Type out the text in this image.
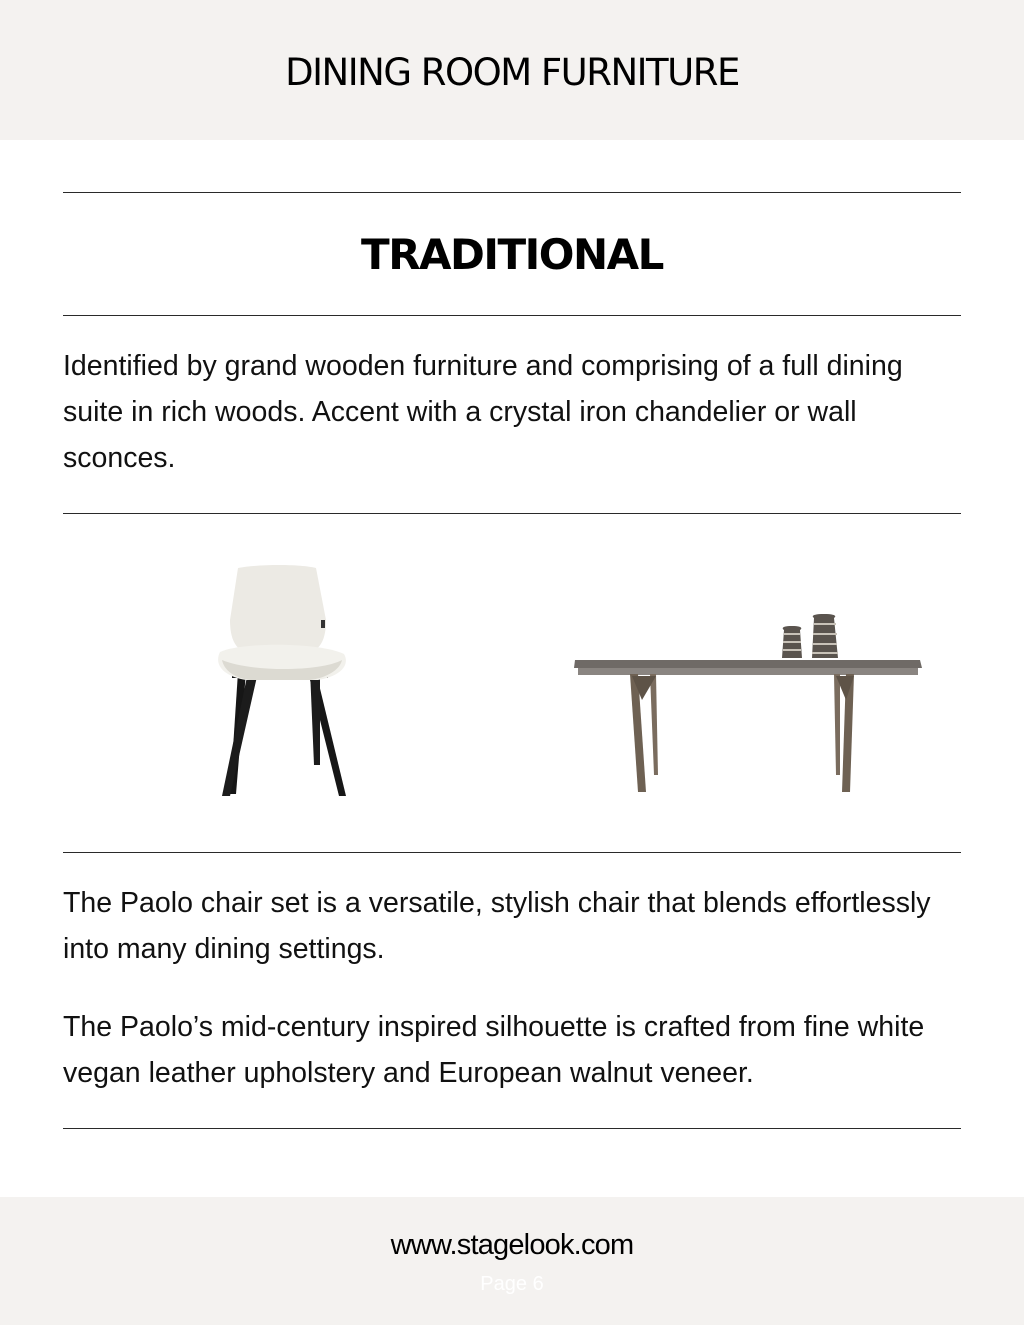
DINING ROOM FURNITURE
TRADITIONAL

Identified by grand wooden furniture and comprising of a full dining suite in rich woods. Accent with a crystal iron chandelier or wall sconces.

The Paolo chair set is a versatile, stylish chair that blends effortlessly into many dining settings.

The Paolo’s mid-century inspired silhouette is crafted from fine white vegan leather upholstery and European walnut veneer.

www.stagelook.com
Page 6
